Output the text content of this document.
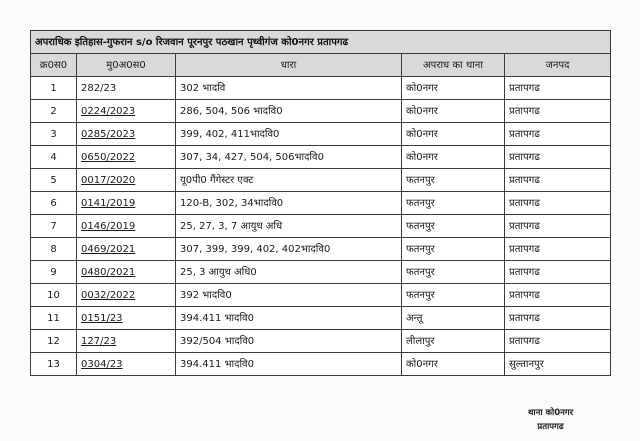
अपराधिक इतिहास-गुफरान s/o रिजवान पूरनपुर पठखान पृथ्वीगंज को0नगर प्रतापगढ				
क्र0स0	मु0अ0स0	धारा	अपराध का थाना	जनपद
1	282/23	302 भादवि	को0नगर	प्रतापगढ
2	0224/2023	286, 504, 506 भादवि0	को0नगर	प्रतापगढ
3	0285/2023	399, 402, 411भादवि0	को0नगर	प्रतापगढ
4	0650/2022	307, 34, 427, 504, 506भादवि0	को0नगर	प्रतापगढ
5	0017/2020	यू0पी0 गैंगेस्टर एक्ट	फतनपुर	प्रतापगढ
6	0141/2019	120-B, 302, 34भादवि0	फतनपुर	प्रतापगढ
7	0146/2019	25, 27, 3, 7 आयुध अधि	फतनपुर	प्रतापगढ
8	0469/2021	307, 399, 399, 402, 402भादवि0	फतनपुर	प्रतापगढ
9	0480/2021	25, 3 आयुध अधि0	फतनपुर	प्रतापगढ
10	0032/2022	392 भादवि0	फतनपुर	प्रतापगढ
11	0151/23	394.411 भादवि0	अन्तू	प्रतापगढ
12	127/23	392/504 भादवि0	लीलापुर	प्रतापगढ
13	0304/23	394.411 भादवि0	को0नगर	सुल्तानपुर
थाना को0नगर
प्रतापगढ
